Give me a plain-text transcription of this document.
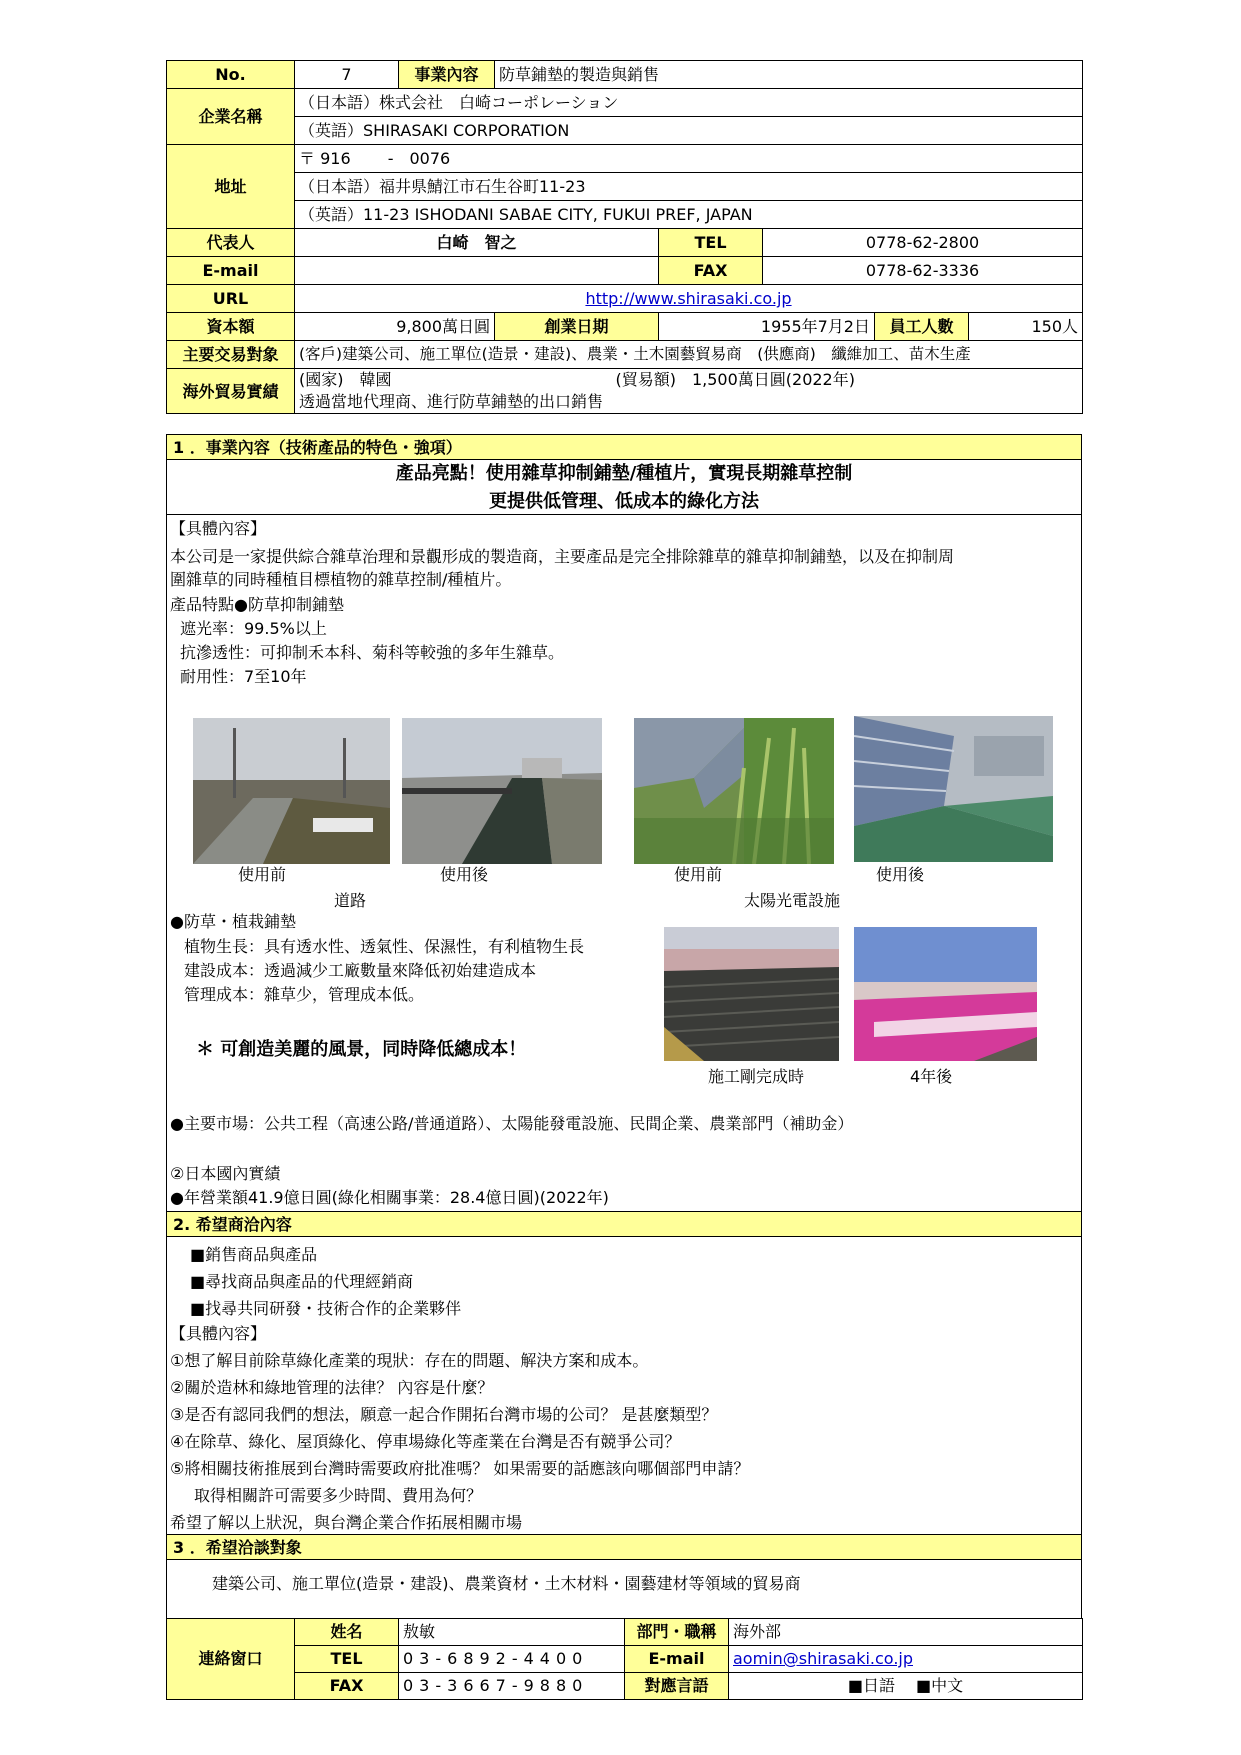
No.	7	事業內容	防草鋪墊的製造與銷售				
企業名稱	（日本語）株式会社　白崎コーポレーション						
	（英語）SHIRASAKI CORPORATION						
地址	〒 916　　 -　0076						
	（日本語）福井県鯖江市石生谷町11-23						
	（英語）11-23 ISHODANI SABAE CITY, FUKUI PREF, JAPAN						
代表人	白崎　智之			TEL	0778-62-2800		
E-mail				FAX	0778-62-3336		
URL	http://www.shirasaki.co.jp						
資本額	9,800萬日圓		創業日期	1955年7月2日		員工人數	150人
主要交易對象	(客戶)建築公司、施工單位(造景・建設)、農業・土木園藝貿易商　(供應商)　纖維加工、苗木生產						
海外貿易實績	(國家)　韓國　　　　　　　　　　　　　　(貿易額)　1,500萬日圓(2022年)						
	透過當地代理商、進行防草鋪墊的出口銷售						
1 ．事業內容（技術產品的特色・強項）
產品亮點！使用雜草抑制鋪墊/種植片，實現長期雜草控制
更提供低管理、低成本的綠化方法
【具體內容】
本公司是一家提供綜合雜草治理和景觀形成的製造商，主要產品是完全排除雜草的雜草抑制鋪墊，以及在抑制周
圍雜草的同時種植目標植物的雜草控制/種植片。
產品特點●防草抑制鋪墊
遮光率：99.5%以上
抗滲透性：可抑制禾本科、菊科等較強的多年生雜草。
耐用性：7至10年
使用前	使用後	使用前	使用後
道路	太陽光電設施
●防草・植栽鋪墊
植物生長：具有透水性、透氣性、保濕性，有利植物生長
建設成本：透過減少工廠數量來降低初始建造成本
管理成本：雜草少，管理成本低。
＊ 可創造美麗的風景，同時降低總成本！
施工剛完成時	4年後
●主要市場：公共工程（高速公路/普通道路）、太陽能發電設施、民間企業、農業部門（補助金）
②日本國內實績
●年營業額41.9億日圓(綠化相關事業：28.4億日圓)(2022年)
2. 希望商洽內容
■銷售商品與產品
■尋找商品與產品的代理經銷商
■找尋共同研發・技術合作的企業夥伴
【具體內容】
①想了解目前除草綠化產業的現狀：存在的問題、解決方案和成本。
②關於造林和綠地管理的法律？ 內容是什麼？
③是否有認同我們的想法，願意一起合作開拓台灣市場的公司？ 是甚麼類型？
④在除草、綠化、屋頂綠化、停車場綠化等產業在台灣是否有競爭公司？
⑤將相關技術推展到台灣時需要政府批准嗎？ 如果需要的話應該向哪個部門申請？
取得相關許可需要多少時間、費用為何？
希望了解以上狀況，與台灣企業合作拓展相關市場
3 ．希望洽談對象
建築公司、施工單位(造景・建設)、農業資材・土木材料・園藝建材等領域的貿易商
連絡窗口	姓名	敖敏	部門・職稱	海外部
	TEL	03-6892-4400	E-mail	aomin@shirasaki.co.jp
	FAX	03-3667-9880	對應言語	■日語　 ■中文
